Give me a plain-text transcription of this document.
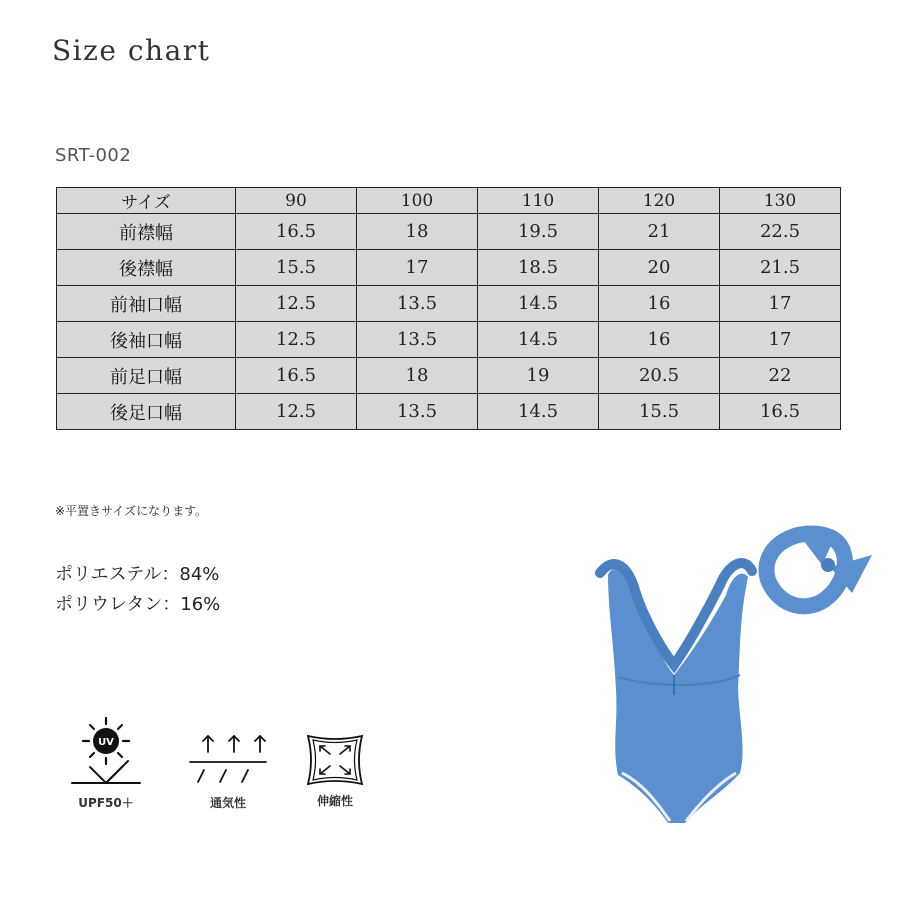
Size chart
SRT-002
サイズ	90	100	110	120	130
前襟幅	16.5	18	19.5	21	22.5
後襟幅	15.5	17	18.5	20	21.5
前袖口幅	12.5	13.5	14.5	16	17
後袖口幅	12.5	13.5	14.5	16	17
前足口幅	16.5	18	19	20.5	22
後足口幅	12.5	13.5	14.5	15.5	16.5
※平置きサイズになります。
ポリエステル：84%
ポリウレタン：16%
UV
UPF50＋	通気性	伸縮性
